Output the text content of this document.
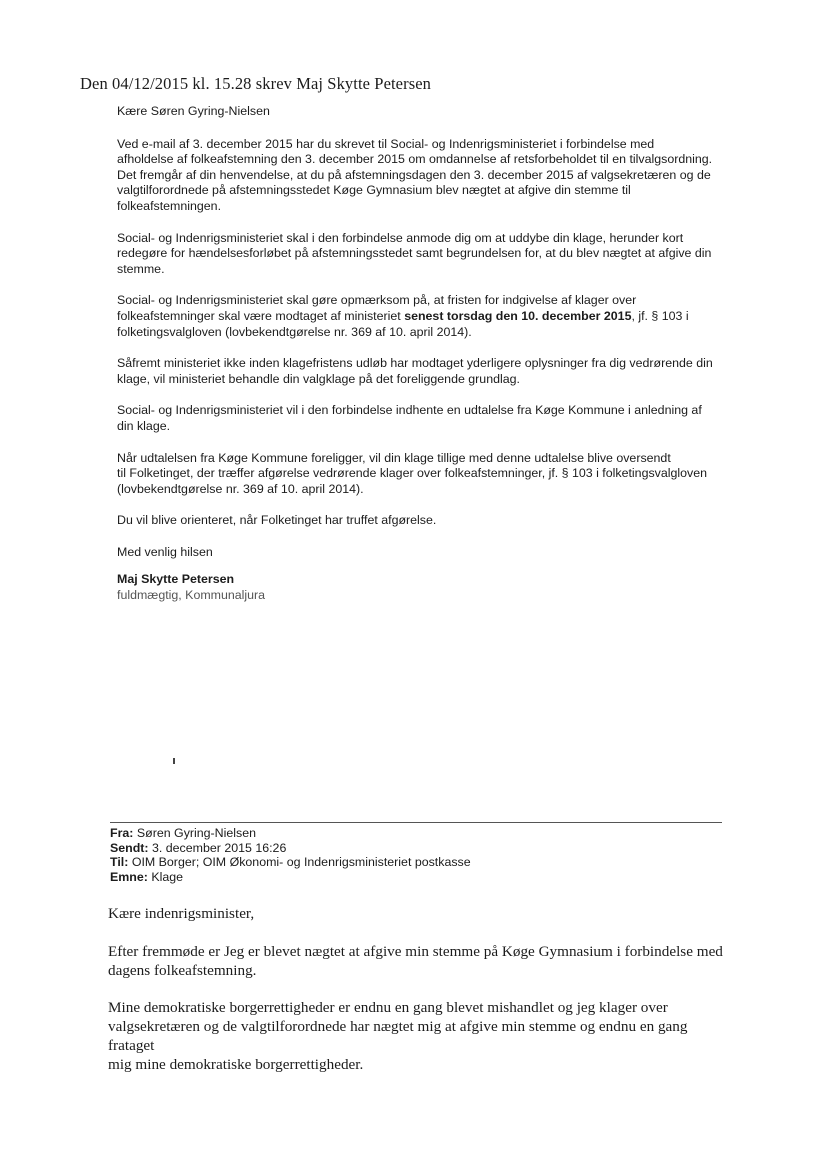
Den 04/12/2015 kl. 15.28 skrev Maj Skytte Petersen

Kære Søren Gyring-Nielsen

Ved e-mail af 3. december 2015 har du skrevet til Social- og Indenrigsministeriet i forbindelse med
afholdelse af folkeafstemning den 3. december 2015 om omdannelse af retsforbeholdet til en tilvalgsordning.
Det fremgår af din henvendelse, at du på afstemningsdagen den 3. december 2015 af valgsekretæren og de
valgtilforordnede på afstemningsstedet Køge Gymnasium blev nægtet at afgive din stemme til
folkeafstemningen.

Social- og Indenrigsministeriet skal i den forbindelse anmode dig om at uddybe din klage, herunder kort
redegøre for hændelsesforløbet på afstemningsstedet samt begrundelsen for, at du blev nægtet at afgive din
stemme.

Social- og Indenrigsministeriet skal gøre opmærksom på, at fristen for indgivelse af klager over
folkeafstemninger skal være modtaget af ministeriet senest torsdag den 10. december 2015, jf. § 103 i
folketingsvalgloven (lovbekendtgørelse nr. 369 af 10. april 2014).

Såfremt ministeriet ikke inden klagefristens udløb har modtaget yderligere oplysninger fra dig vedrørende din
klage, vil ministeriet behandle din valgklage på det foreliggende grundlag.

Social- og Indenrigsministeriet vil i den forbindelse indhente en udtalelse fra Køge Kommune i anledning af
din klage.

Når udtalelsen fra Køge Kommune foreligger, vil din klage tillige med denne udtalelse blive oversendt
til Folketinget, der træffer afgørelse vedrørende klager over folkeafstemninger, jf. § 103 i folketingsvalgloven
(lovbekendtgørelse nr. 369 af 10. april 2014).

Du vil blive orienteret, når Folketinget har truffet afgørelse.

Med venlig hilsen

Maj Skytte Petersen

fuldmægtig, Kommunaljura

Fra: Søren Gyring-Nielsen
Sendt: 3. december 2015 16:26
Til: OIM Borger; OIM Økonomi- og Indenrigsministeriet postkasse
Emne: Klage

Kære indenrigsminister,

Efter fremmøde er Jeg er blevet nægtet at afgive min stemme på Køge Gymnasium i forbindelse med
dagens folkeafstemning.

Mine demokratiske borgerrettigheder er endnu en gang blevet mishandlet og jeg klager over
valgsekretæren og de valgtilforordnede har nægtet mig at afgive min stemme og endnu en gang frataget
mig mine demokratiske borgerrettigheder.
